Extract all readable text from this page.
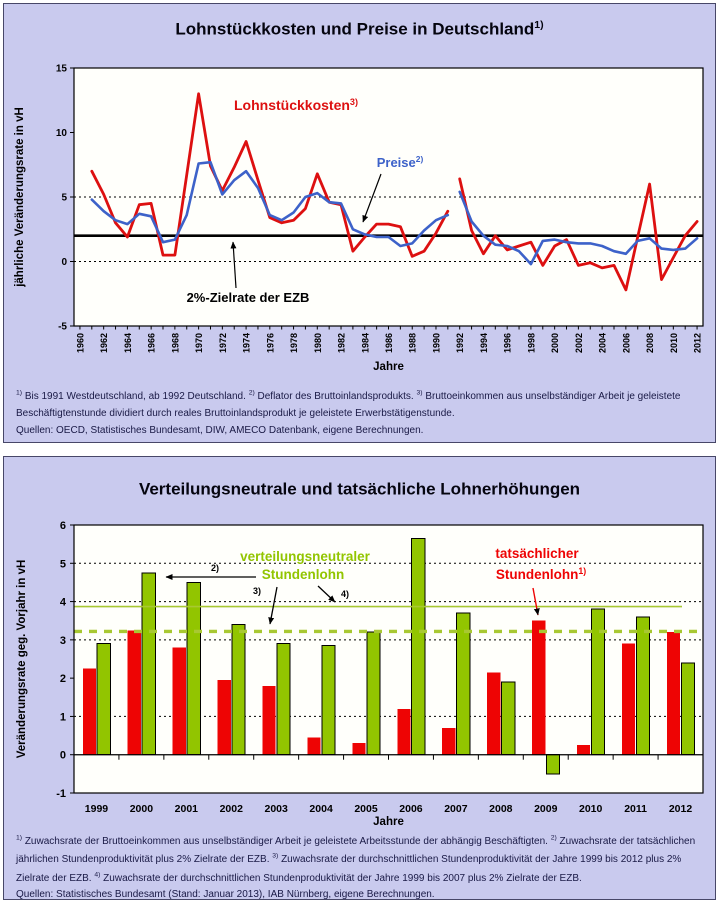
Lohnstückkosten und Preise in Deutschland$^{1)}$
1960 1962 1964 1966 1968 1970 1972 1974 1976 1978 1980 1982 1984 1986 1988 1990 1992 1994 1996 1998 2000 2002 2004 2006 2008 2010 2012
15
10
5
0
-5
Lohnstückkosten$^{3)}$
Preise$^{2)}$
2%-Zielrate der EZB
jährliche Veränderungsrate in vH
Jahre
$^{1)}$ Bis 1991 Westdeutschland, ab 1992 Deutschland. $^{2)}$ Deflator des Bruttoinlandsprodukts. $^{3)}$ Bruttoeinkommen aus unselbständiger Arbeit je geleistete Beschäftigtenstunde dividiert durch reales Bruttoinlandsprodukt je geleistete Erwerbstätigenstunde.
Quellen: OECD, Statistisches Bundesamt, DIW, AMECO Datenbank, eigene Berechnungen.
Verteilungsneutrale und tatsächliche Lohnerhöhungen
1999 2000 2001 2002 2003 2004 2005 2006 2007 2008 2009 2010 2011 2012
6
5
4
3
2
1
0
-1
verteilungsneutraler
Stundenlohn
2)
3)	4)
tatsächlicher
Stundenlohn$^{1)}$
Veränderungsrate geg. Vorjahr in vH
Jahre
$^{1)}$ Zuwachsrate der Bruttoeinkommen aus unselbständiger Arbeit je geleistete Arbeitsstunde der abhängig Beschäftigten. $^{2)}$ Zuwachsrate der tatsächlichen jährlichen Stundenproduktivität plus 2% Zielrate der EZB. $^{3)}$ Zuwachsrate der durchschnittlichen Stundenproduktivität der Jahre 1999 bis 2012 plus 2% Zielrate der EZB. $^{4)}$ Zuwachsrate der durchschnittlichen Stundenproduktivität der Jahre 1999 bis 2007 plus 2% Zielrate der EZB.
Quellen: Statistisches Bundesamt (Stand: Januar 2013), IAB Nürnberg, eigene Berechnungen.
